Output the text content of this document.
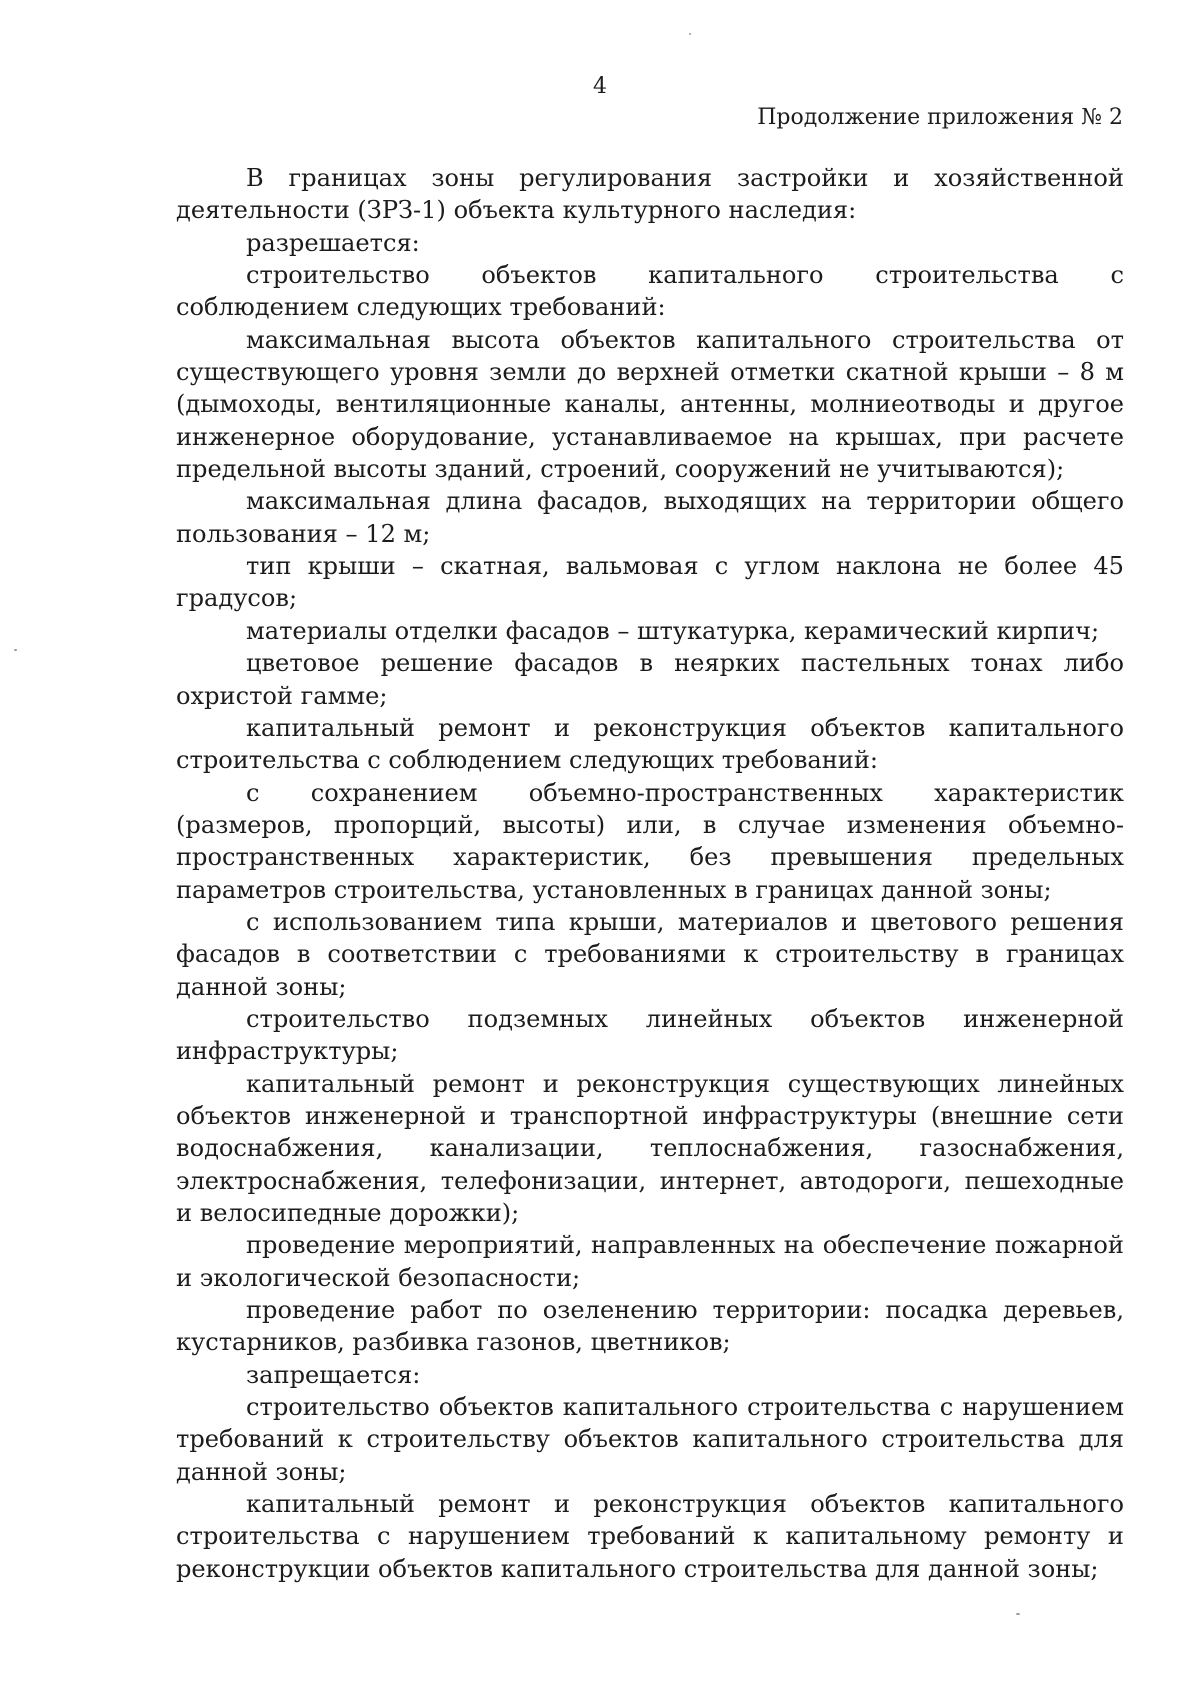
4
Продолжение приложения № 2

В границах зоны регулирования застройки и хозяйственной деятельности (ЗРЗ-1) объекта культурного наследия:

разрешается:

строительство объектов капитального строительства с соблюдением следующих требований:

максимальная высота объектов капитального строительства от существующего уровня земли до верхней отметки скатной крыши – 8 м (дымоходы, вентиляционные каналы, антенны, молниеотводы и другое инженерное оборудование, устанавливаемое на крышах, при расчете предельной высоты зданий, строений, сооружений не учитываются);

максимальная длина фасадов, выходящих на территории общего пользования – 12 м;

тип крыши – скатная, вальмовая с углом наклона не более 45 градусов;

материалы отделки фасадов – штукатурка, керамический кирпич;

цветовое решение фасадов в неярких пастельных тонах либо охристой гамме;

капитальный ремонт и реконструкция объектов капитального строительства с соблюдением следующих требований:

с сохранением объемно-пространственных характеристик (размеров, пропорций, высоты) или, в случае изменения объемно-пространственных характеристик, без превышения предельных параметров строительства, установленных в границах данной зоны;

с использованием типа крыши, материалов и цветового решения фасадов в соответствии с требованиями к строительству в границах данной зоны;

строительство подземных линейных объектов инженерной инфраструктуры;

капитальный ремонт и реконструкция существующих линейных объектов инженерной и транспортной инфраструктуры (внешние сети водоснабжения, канализации, теплоснабжения, газоснабжения, электроснабжения, телефонизации, интернет, автодороги, пешеходные и велосипедные дорожки);

проведение мероприятий, направленных на обеспечение пожарной и экологической безопасности;

проведение работ по озеленению территории: посадка деревьев, кустарников, разбивка газонов, цветников;

запрещается:

строительство объектов капитального строительства с нарушением требований к строительству объектов капитального строительства для данной зоны;

капитальный ремонт и реконструкция объектов капитального строительства с нарушением требований к капитальному ремонту и реконструкции объектов капитального строительства для данной зоны;
